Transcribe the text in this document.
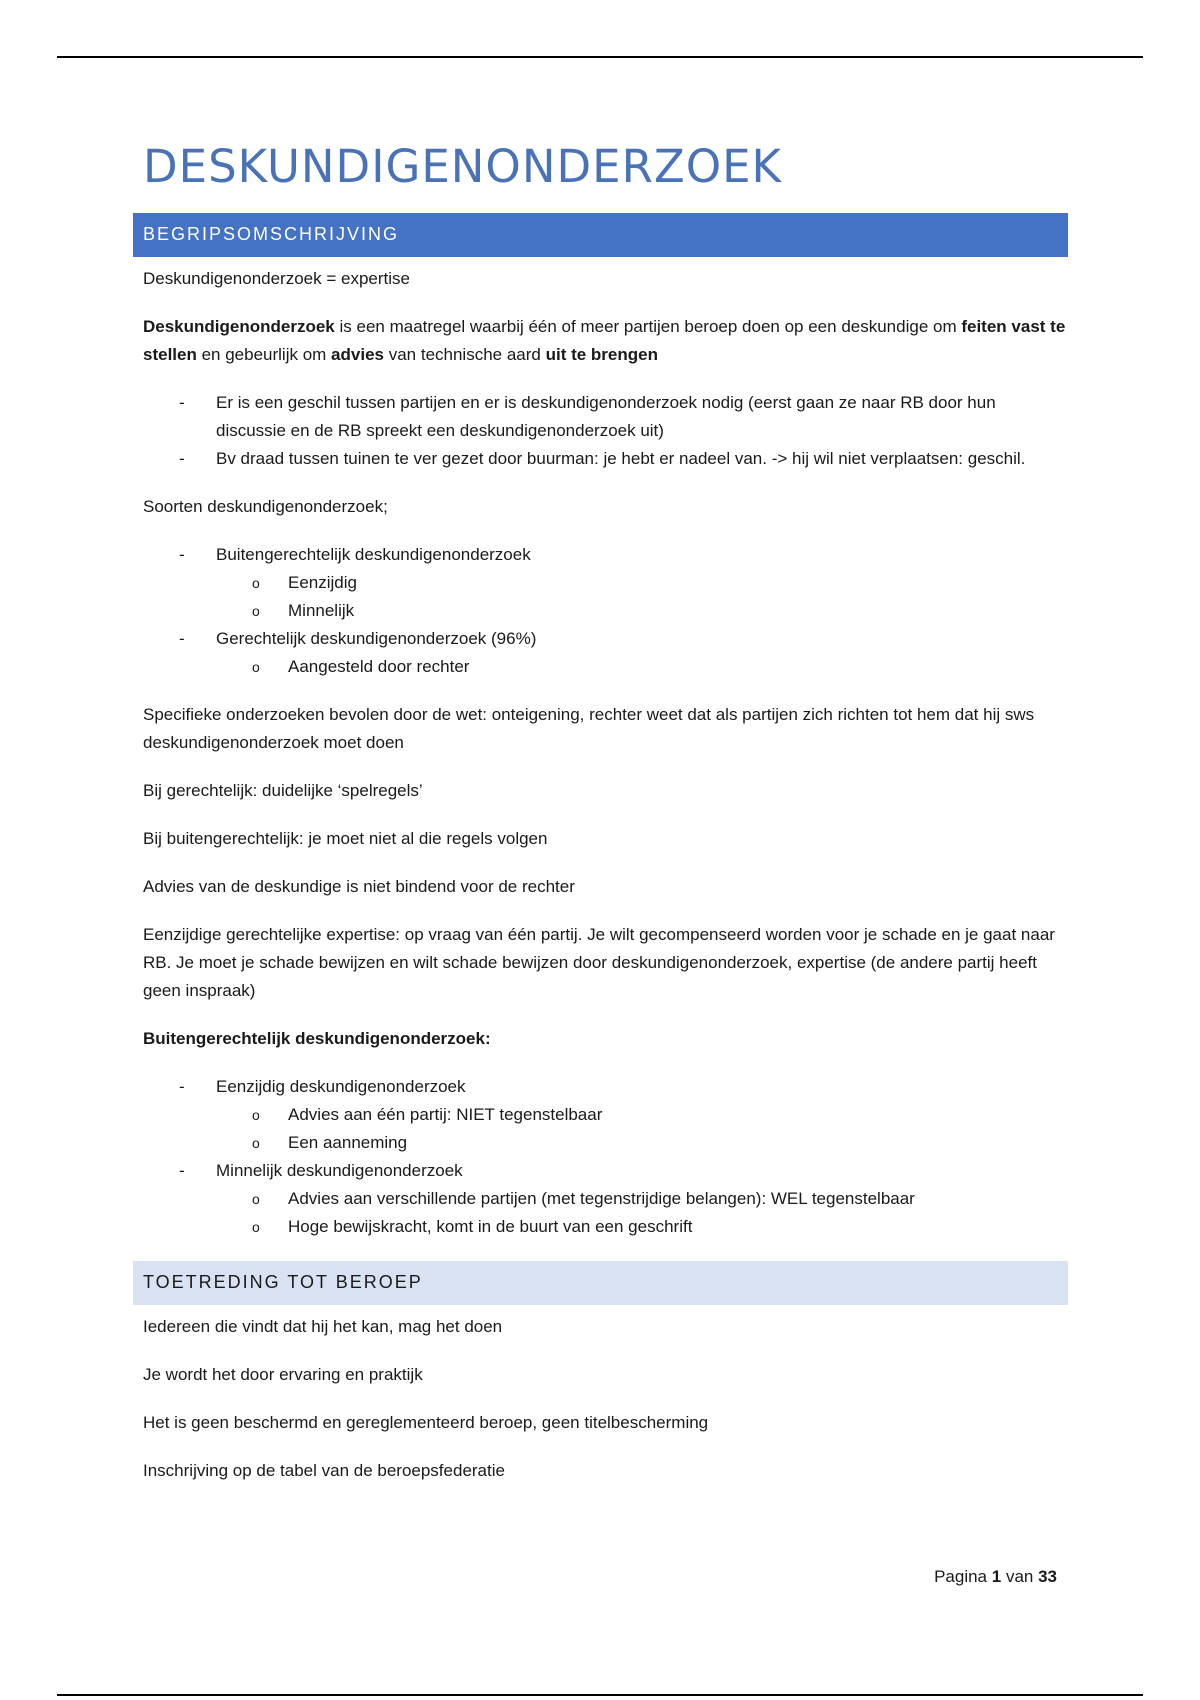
DESKUNDIGENONDERZOEK
BEGRIPSOMSCHRIJVING

Deskundigenonderzoek = expertise

Deskundigenonderzoek is een maatregel waarbij één of meer partijen beroep doen op een deskundige om feiten vast te stellen en gebeurlijk om advies van technische aard uit te brengen

- Er is een geschil tussen partijen en er is deskundigenonderzoek nodig (eerst gaan ze naar RB door hun discussie en de RB spreekt een deskundigenonderzoek uit)
- Bv draad tussen tuinen te ver gezet door buurman: je hebt er nadeel van. -> hij wil niet verplaatsen: geschil.

Soorten deskundigenonderzoek;

- Buitengerechtelijk deskundigenonderzoek
o Eenzijdig
o Minnelijk
- Gerechtelijk deskundigenonderzoek (96%)
o Aangesteld door rechter

Specifieke onderzoeken bevolen door de wet: onteigening, rechter weet dat als partijen zich richten tot hem dat hij sws deskundigenonderzoek moet doen

Bij gerechtelijk: duidelijke ‘spelregels’

Bij buitengerechtelijk: je moet niet al die regels volgen

Advies van de deskundige is niet bindend voor de rechter

Eenzijdige gerechtelijke expertise: op vraag van één partij. Je wilt gecompenseerd worden voor je schade en je gaat naar RB. Je moet je schade bewijzen en wilt schade bewijzen door deskundigenonderzoek, expertise (de andere partij heeft geen inspraak)

Buitengerechtelijk deskundigenonderzoek:

- Eenzijdig deskundigenonderzoek
o Advies aan één partij: NIET tegenstelbaar
o Een aanneming
- Minnelijk deskundigenonderzoek
o Advies aan verschillende partijen (met tegenstrijdige belangen): WEL tegenstelbaar
o Hoge bewijskracht, komt in de buurt van een geschrift
TOETREDING TOT BEROEP

Iedereen die vindt dat hij het kan, mag het doen

Je wordt het door ervaring en praktijk

Het is geen beschermd en gereglementeerd beroep, geen titelbescherming

Inschrijving op de tabel van de beroepsfederatie

Pagina 1 van 33
